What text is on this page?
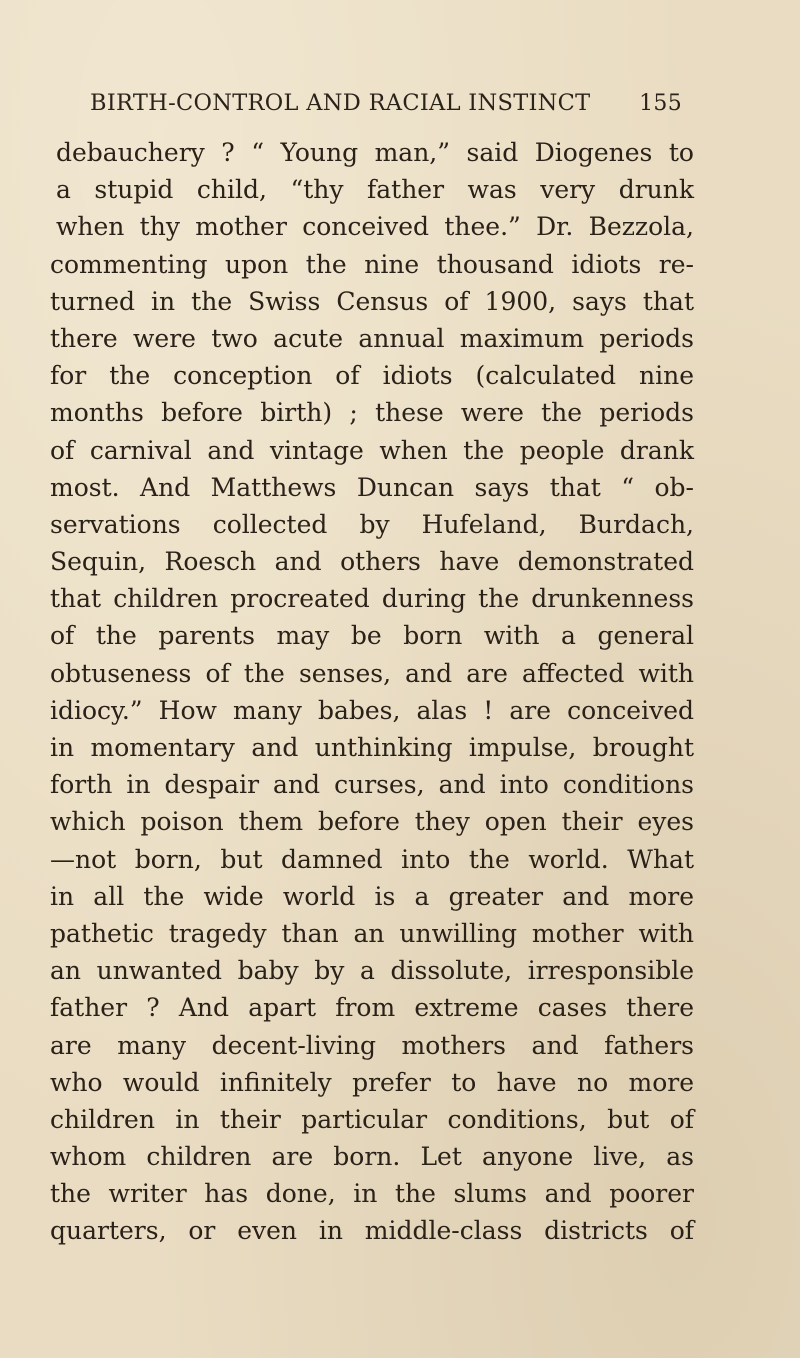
BIRTH-CONTROL AND RACIAL INSTINCT 155
debauchery ? “ Young man,” said Diogenes to
a stupid child, “thy father was very drunk
when thy mother conceived thee.” Dr. Bezzola,
commenting upon the nine thousand idiots re-
turned in the Swiss Census of 1900, says that
there were two acute annual maximum periods
for the conception of idiots (calculated nine
months before birth) ; these were the periods
of carnival and vintage when the people drank
most. And Matthews Duncan says that “ ob-
servations collected by Hufeland, Burdach,
Sequin, Roesch and others have demonstrated
that children procreated during the drunkenness
of the parents may be born with a general
obtuseness of the senses, and are affected with
idiocy.” How many babes, alas ! are conceived
in momentary and unthinking impulse, brought
forth in despair and curses, and into conditions
which poison them before they open their eyes
—not born, but damned into the world. What
in all the wide world is a greater and more
pathetic tragedy than an unwilling mother with
an unwanted baby by a dissolute, irresponsible
father ? And apart from extreme cases there
are many decent-living mothers and fathers
who would infinitely prefer to have no more
children in their particular conditions, but of
whom children are born. Let anyone live, as
the writer has done, in the slums and poorer
quarters, or even in middle-class districts of
